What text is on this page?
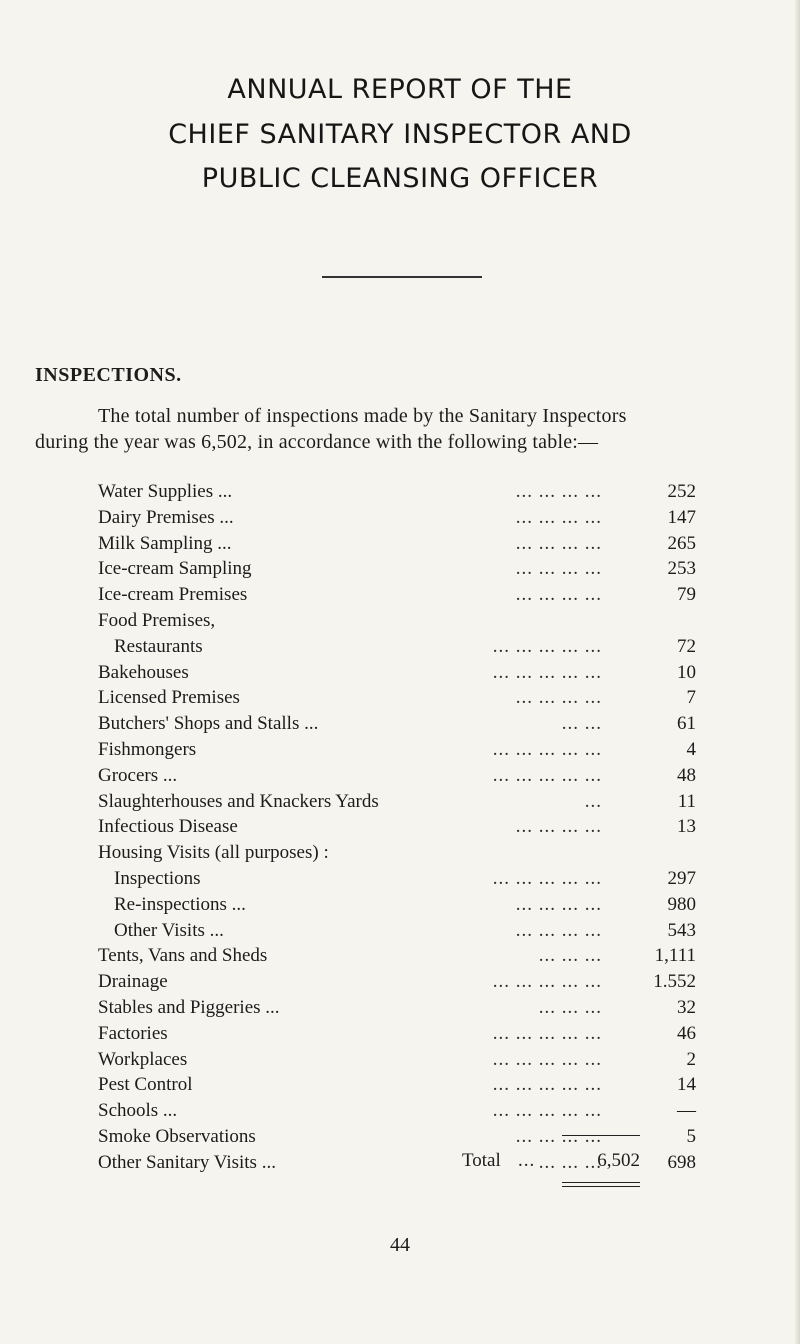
ANNUAL REPORT OF THE
CHIEF SANITARY INSPECTOR AND
PUBLIC CLEANSING OFFICER
INSPECTIONS.
The total number of inspections made by the Sanitary Inspectors
during the year was 6,502, in accordance with the following table:—
Water Supplies ...	... ... ... ...	252
Dairy Premises ...	... ... ... ...	147
Milk Sampling ...	... ... ... ...	265
Ice-cream Sampling	... ... ... ...	253
Ice-cream Premises	... ... ... ...	79
Food Premises,
Restaurants	... ... ... ... ...	72
Bakehouses	... ... ... ... ...	10
Licensed Premises	... ... ... ...	7
Butchers' Shops and Stalls ...	... ...	61
Fishmongers	... ... ... ... ...	4
Grocers ...	... ... ... ... ...	48
Slaughterhouses and Knackers Yards	...	11
Infectious Disease	... ... ... ...	13
Housing Visits (all purposes) :
Inspections	... ... ... ... ...	297
Re-inspections ...	... ... ... ...	980
Other Visits ...	... ... ... ...	543
Tents, Vans and Sheds	... ... ...	1,111
Drainage	... ... ... ... ...	1.552
Stables and Piggeries ...	... ... ...	32
Factories	... ... ... ... ...	46
Workplaces	... ... ... ... ...	2
Pest Control	... ... ... ... ...	14
Schools ...	... ... ... ... ...	—
Smoke Observations	... ... ... ...	5
Other Sanitary Visits ...	... ... ...	698
Total ...	6,502
44
